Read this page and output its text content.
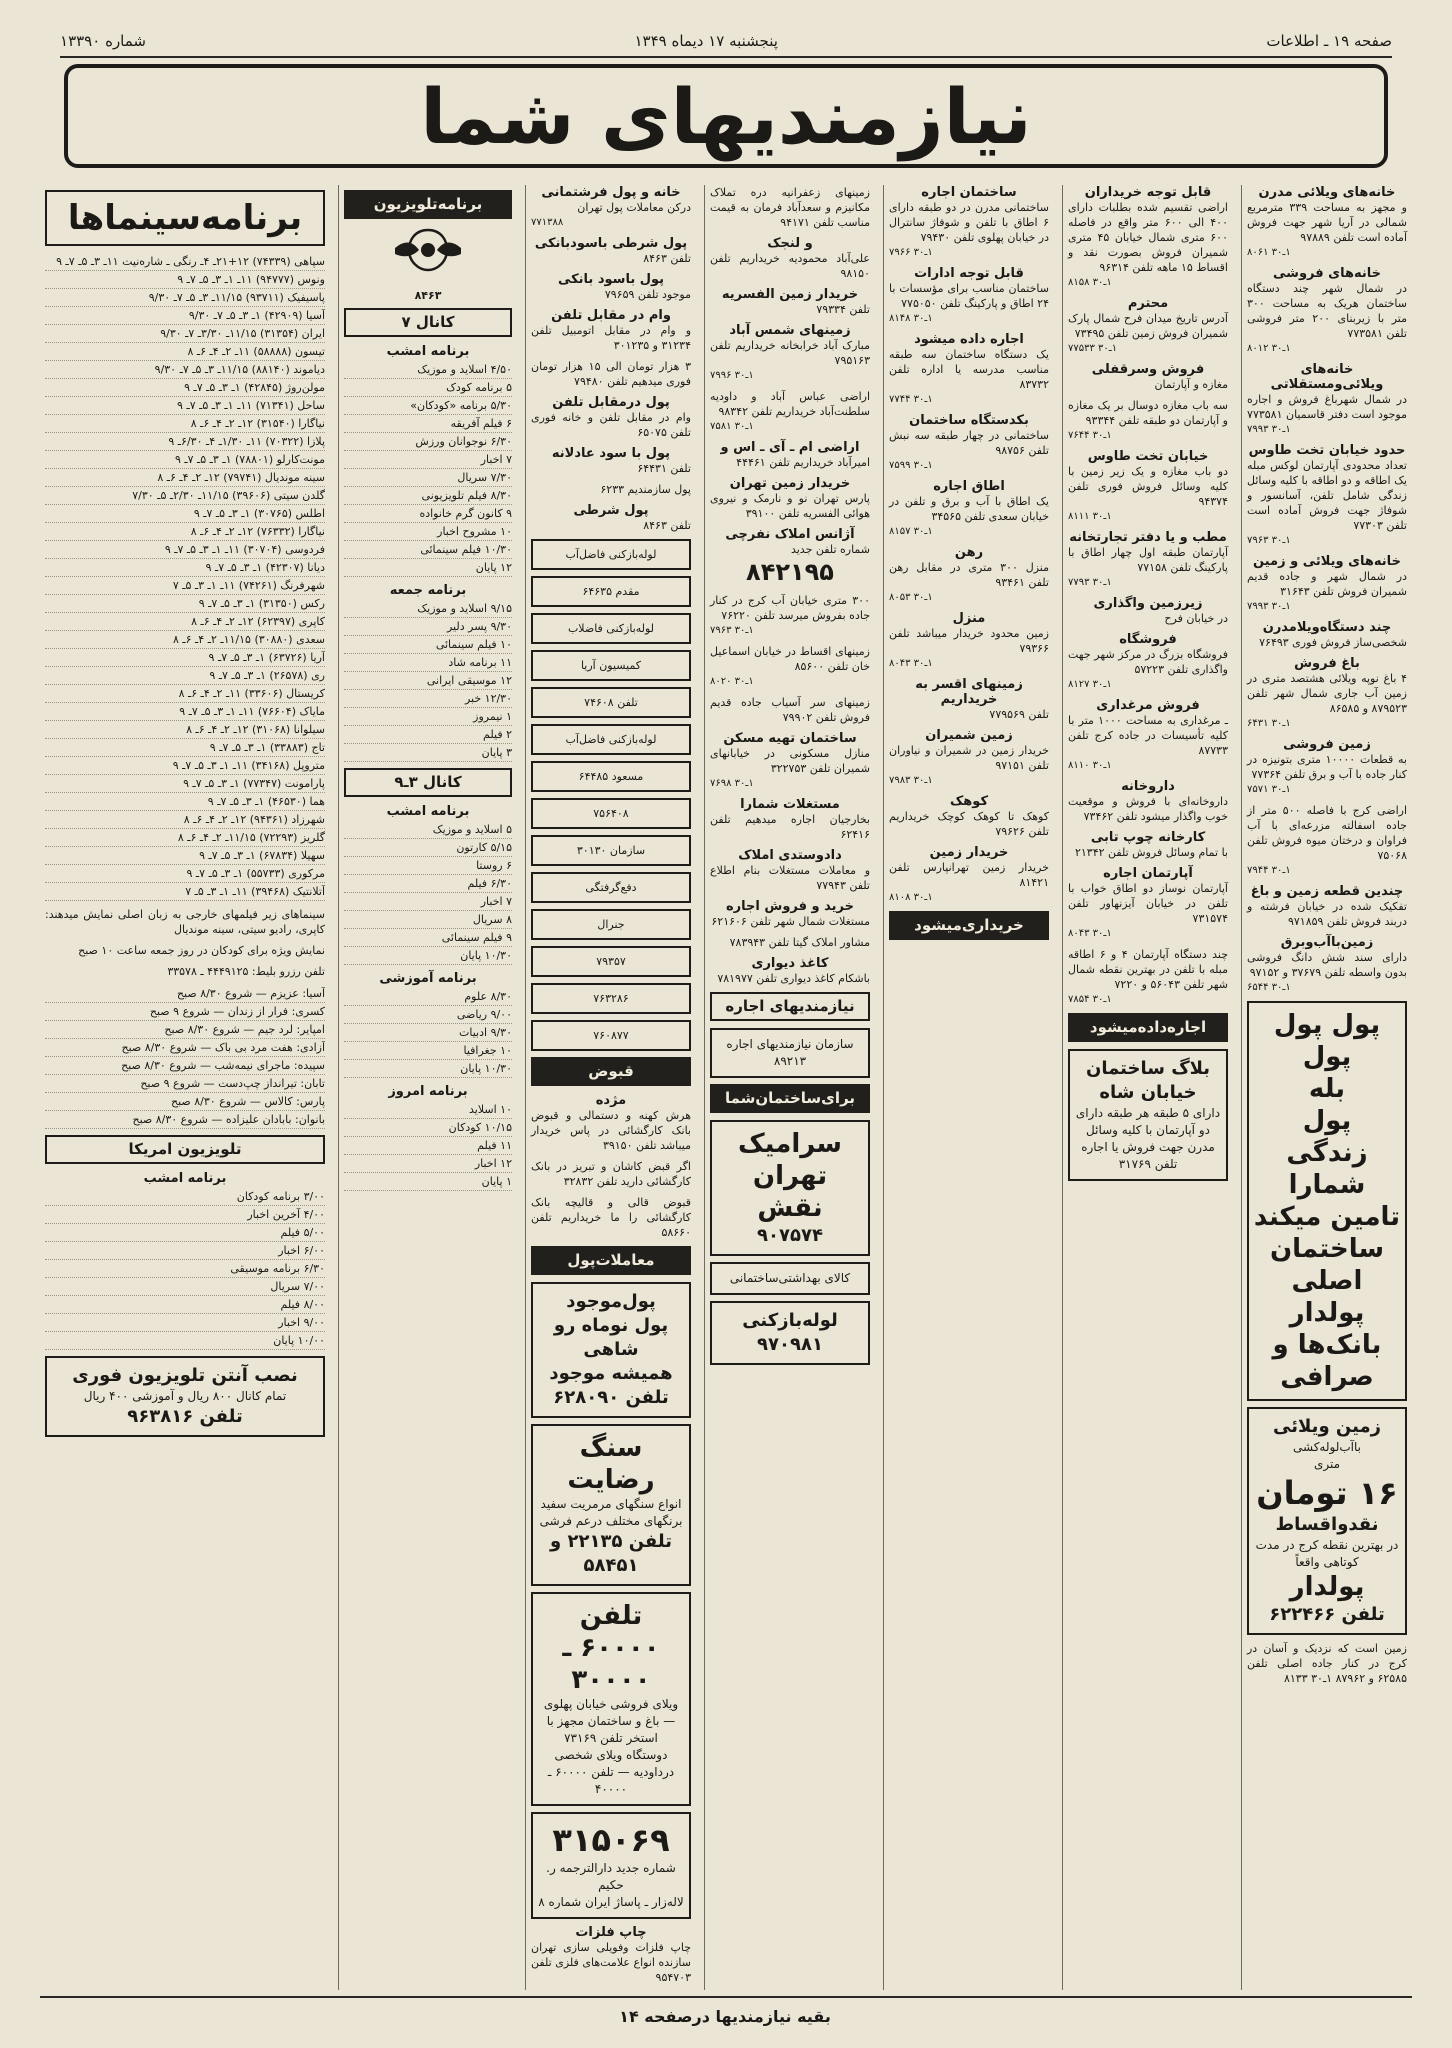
صفحه ۱۹ ـ اطلاعات
پنجشنبه ۱۷ دیماه ۱۳۴۹
شماره ۱۳۳۹۰
نیازمندیهای شما
خانه‌های ویلائی مدرن
و مجهز به مساحت ۳۳۹ مترمربع شمالی در آریا شهر جهت فروش آماده است تلفن ۹۷۸۸۹
۱ـ۳۰ ۸۰۶۱
خانه‌های فروشی
در شمال شهر چند دستگاه ساختمان هریک به مساحت ۳۰۰ متر با زیربنای ۲۰۰ متر فروشی تلفن ۷۷۳۵۸۱
۱ـ۳۰ ۸۰۱۲
خانه‌های ویلائی‌ومستقلاتی
در شمال شهرباغ فروش و اجاره موجود است دفتر قاسمیان ۷۷۳۵۸۱
۱ـ۳۰ ۷۹۹۳
حدود خیابان تخت طاوس
تعداد محدودی آپارتمان لوکس مبله یک اطاقه و دو اطاقه با کلیه وسائل زندگی شامل تلفن، آسانسور و شوفاژ جهت فروش آماده است تلفن ۷۷۳۰۳
۱ـ۳۰ ۷۹۶۳
خانه‌های ویلائی و زمین
در شمال شهر و جاده قدیم شمیران فروش تلفن ۳۱۶۴۳
۱ـ۳۰ ۷۹۹۳
چند دستگاه‌ویلامدرن
شخصی‌ساز فروش فوری ۷۶۴۹۳
باغ فروش
۴ باغ نوپه ویلائی هشتصد متری در زمین آب جاری شمال شهر تلفن ۸۷۹۵۲۳ و ۸۶۵۸۵
۱ـ۳۰ ۶۴۳۱
زمین فروشی
به قطعات ۱۰۰۰۰ متری بتونیزه در کنار جاده با آب و برق تلفن ۷۷۳۶۴
۱ـ۳۰ ۷۵۷۱
اراضی کرج با فاصله ۵۰۰ متر از جاده اسفالته مزرعه‌ای با آب فراوان و درختان میوه فروش تلفن ۷۵۰۶۸
۱ـ۳۰ ۷۹۴۴
چندین قطعه زمین و باغ
تفکیک شده در خیابان فرشته و دربند فروش تلفن ۹۷۱۸۵۹
زمین‌باآب‌وبرق
دارای سند شش دانگ فروشی بدون واسطه تلفن ۳۷۶۷۹ و ۹۷۱۵۲
۱ـ۳۰ ۶۵۴۴
پول پول
پول
بله
پول
زندگی شمارا
تامین میکند
ساختمان اصلی پولدار
بانک‌ها و صرافی
زمین ویلائی
باآب‌لوله‌کشی
متری
۱۶ تومان
نقدواقساط
در بهترین نقطه کرج در مدت کوتاهی واقعاً
پولدار
تلفن ۶۲۲۴۶۶
زمین است که نزدیک و آسان در کرج در کنار جاده اصلی تلفن ۶۲۵۸۵ و ۸۷۹۶۲ ۱ـ۳۰ ۸۱۳۳
قابل توجه خریداران
اراضی تقسیم شده بطلبات دارای ۴۰۰ الی ۶۰۰ متر واقع در فاصله ۶۰۰ متری شمال خیابان ۴۵ متری شمیران فروش بصورت نقد و اقساط ۱۵ ماهه تلفن ۹۶۳۱۴
۱ـ۳۰ ۸۱۵۸
محترم
آدرس تاریخ میدان فرح شمال پارک شمیران فروش زمین تلفن ۷۳۴۹۵
۱ـ۳۰ ۷۷۵۳۳
فروش وسرقفلی
مغازه و آپارتمان
سه باب مغازه دوسال بر یک مغازه و آپارتمان دو طبقه تلفن ۹۳۳۴۴
۱ـ۳۰ ۷۶۴۴
خیابان تخت طاوس
دو باب مغازه و یک زیر زمین با کلیه وسائل فروش فوری تلفن ۹۴۳۷۴
۱ـ۳۰ ۸۱۱۱
مطب و یا دفتر تجارتخانه
آپارتمان طبقه اول چهار اطاق با پارکینگ تلفن ۷۷۱۵۸
۱ـ۳۰ ۷۷۹۳
زیرزمین واگذاری
در خیابان فرح
فروشگاه
فروشگاه بزرگ در مرکز شهر جهت واگذاری تلفن ۵۷۲۲۳
۱ـ۳۰ ۸۱۲۷
فروش مرغداری
ـ مرغداری به مساحت ۱۰۰۰ متر با کلیه تأسیسات در جاده کرج تلفن ۸۷۷۳۳
۱ـ۳۰ ۸۱۱۰
داروخانه
داروخانه‌ای با فروش و موقعیت خوب واگذار میشود تلفن ۷۳۴۶۲
کارخانه چوپ تابی
با تمام وسائل فروش تلفن ۲۱۳۴۲
آپارتمان اجاره
آپارتمان نوساز دو اطاق خواب با تلفن در خیابان آیزنهاور تلفن ۷۳۱۵۷۴
۱ـ۳۰ ۸۰۴۳
چند دستگاه آپارتمان ۴ و ۶ اطاقه مبله با تلفن در بهترین نقطه شمال شهر تلفن ۵۶۰۴۳ و ۷۲۲۰
۱ـ۳۰ ۷۸۵۴
اجاره‌داده‌میشود
بلاگ ساختمان خیابان شاه
دارای ۵ طبقه هر طبقه دارای دو آپارتمان با کلیه وسائل مدرن جهت فروش یا اجاره تلفن ۳۱۷۶۹
ساختمان اجاره
ساختمانی مدرن در دو طبقه دارای ۶ اطاق با تلفن و شوفاژ سانترال در خیابان پهلوی تلفن ۷۹۴۳۰
۱ـ۳۰ ۷۹۶۶
قابل توجه ادارات
ساختمان مناسب برای مؤسسات با ۲۴ اطاق و پارکینگ تلفن ۷۷۵۰۵۰
۱ـ۳۰ ۸۱۴۸
اجاره داده میشود
یک دستگاه ساختمان سه طبقه مناسب مدرسه یا اداره تلفن ۸۳۷۳۲
۱ـ۳۰ ۷۷۴۴
بکدستگاه ساختمان
ساختمانی در چهار طبقه سه نبش تلفن ۹۸۷۵۶
۱ـ۳۰ ۷۵۹۹
اطاق اجاره
یک اطاق با آب و برق و تلفن در خیابان سعدی تلفن ۳۴۵۶۵
۱ـ۳۰ ۸۱۵۷
رهن
منزل ۳۰۰ متری در مقابل رهن تلفن ۹۳۴۶۱
۱ـ۳۰ ۸۰۵۳
منزل
زمین محدود خریدار میباشد تلفن ۷۹۳۶۶
۱ـ۳۰ ۸۰۴۳
زمینهای اقسر به خریداریم
تلفن ۷۷۹۵۶۹
زمین شمیران
خریدار زمین در شمیران و نیاوران تلفن ۹۷۱۵۱
۱ـ۳۰ ۷۹۸۳
کوهک
کوهک تا کوهک کوچک خریداریم تلفن ۷۹۶۲۶
خریدار زمین
خریدار زمین تهرانپارس تلفن ۸۱۴۲۱
۱ـ۳۰ ۸۱۰۸
خریداری‌میشود
زمینهای زعفرانیه دره تملاک مکانیزم و سعدآباد فرمان به قیمت مناسب تلفن ۹۴۱۷۱
و لنجک
علی‌آباد محمودیه خریداریم تلفن ۹۸۱۵۰
خریدار زمین الفسریه
تلفن ۷۹۳۳۴
زمینهای شمس آباد
مبارک آباد خرابخانه خریداریم تلفن ۷۹۵۱۶۳
۱ـ۳۰ ۷۹۹۶
اراضی عباس آباد و داودیه سلطنت‌آباد خریداریم تلفن ۹۸۳۴۲
۱ـ۳۰ ۷۵۸۱
اراضی ام ـ آی ـ اس و
امیرآباد خریداریم تلفن ۴۴۴۶۱
خریدار زمین تهران
پارس تهران نو و نارمک و نیروی هوائی الفسریه تلفن ۳۹۱۰۰
آژانس املاک نفرچی
شماره تلفن جدید
۸۴۲۱۹۵
۳۰۰ متری خیابان آب کرج در کنار جاده بفروش میرسد تلفن ۷۶۲۲۰
۱ـ۳۰ ۷۹۶۳
زمینهای اقساط در خیابان اسماعیل خان تلفن ۸۵۶۰۰
۱ـ۳۰ ۸۰۲۰
زمینهای سر آسیاب جاده قدیم فروش تلفن ۷۹۹۰۲
ساختمان تهیه مسکن
منازل مسکونی در خیابانهای شمیران تلفن ۳۲۲۷۵۳
۱ـ۳۰ ۷۶۹۸
مستغلات شمارا
بخارجیان اجاره میدهیم تلفن ۶۲۴۱۶
دادوستدی املاک
و معاملات مستغلات بنام اطلاع تلفن ۷۷۹۴۳
خرید و فروش اجاره
مستغلات شمال شهر تلفن ۶۲۱۶۰۶
مشاور املاک گیتا تلفن ۷۸۳۹۴۳
کاغذ دیواری
باشکام کاغذ دیواری تلفن ۷۸۱۹۷۷
نیازمندیهای اجاره
سازمان نیازمندیهای اجاره ۸۹۲۱۳
برای‌ساختمان‌شما
سرامیک
تهران نقش
۹۰۷۵۷۴
کالای بهداشتی‌ساختمانی
لوله‌بازکنی
۹۷۰۹۸۱
خانه و پول فرشتمانی
درکن معاملات پول تهران
۷۷۱۳۸۸
پول شرطی باسودبانکی
تلفن ۸۴۶۳
پول باسود بانکی
موجود تلفن ۷۹۶۵۹
وام در مقابل تلفن
و وام در مقابل اتومبیل تلفن ۳۱۲۳۴ و ۳۰۱۲۳۵
۳ هزار تومان الی ۱۵ هزار تومان فوری میدهیم تلفن ۷۹۴۸۰
پول درمقابل تلفن
وام در مقابل تلفن و خانه فوری تلفن ۶۵۰۷۵
پول با سود عادلانه
تلفن ۶۴۴۳۱
پول سازمندیم ۶۲۳۳
پول شرطی
تلفن ۸۴۶۳
لوله‌بازکنی فاضل‌آب
مقدم ۶۴۶۳۵
لوله‌بازکنی فاضلاب
کمیسیون آریا
تلفن ۷۴۶۰۸
لوله‌بازکنی فاضل‌آب
مسعود ۶۴۴۸۵
۷۵۶۴۰۸
سازمان ۳۰۱۳۰
دفع‌گرفتگی
جنرال
۷۹۳۵۷
۷۶۳۲۸۶
۷۶۰۸۷۷
قبوض
مژده
هرش کهنه و دستمالی و قبوض بانک کارگشائی در پاس خریدار میباشد تلفن ۳۹۱۵۰
اگر قبض کاشان و تبریز در بانک کارگشائی دارید تلفن ۳۲۸۳۲
قبوض قالی و قالیچه بانک کارگشائی را ما خریداریم تلفن ۵۸۶۶۰
معاملات‌پول
پول‌موجود
پول نوماه رو شاهی
همیشه موجود تلفن ۶۲۸۰۹۰
سنگ رضایت
انواع سنگهای مرمریت سفید
برنگهای مختلف درعم فرشی
تلفن ۲۲۱۳۵ و ۵۸۴۵۱
تلفن ۶۰۰۰۰ ـ ۳۰۰۰۰
ویلای فروشی خیابان پهلوی — باغ و ساختمان مجهز با استخر تلفن ۷۳۱۶۹
دوستگاه ویلای شخصی درداودیه — تلفن ۶۰۰۰۰ ـ ۴۰۰۰۰
۳۱۵۰۶۹
شماره جدید دارالترجمه ر. حکیم
لاله‌زار ـ پاساژ ایران شماره ۸
چاپ فلزات
چاپ فلزات وفویلی سازی تهران سازنده انواع علامت‌های فلزی تلفن ۹۵۴۷۰۳
برنامه‌تلویزیون
۸۴۶۳
کانال ۷
برنامه امشب
۴/۵۰ اسلاید و موزیک
۵ برنامه کودک
۵/۳۰ برنامه «کودکان»
۶ فیلم آفریقه
۶/۳۰ نوجوانان ورزش
۷ اخبار
۷/۳۰ سریال
۸/۳۰ فیلم تلویزیونی
۹ کانون گرم خانواده
۱۰ مشروح اخبار
۱۰/۳۰ فیلم سینمائی
۱۲ پایان
برنامه جمعه
۹/۱۵ اسلاید و موزیک
۹/۳۰ پسر دلیر
۱۰ فیلم سینمائی
۱۱ برنامه شاد
۱۲ موسیقی ایرانی
۱۲/۳۰ خبر
۱ نیمروز
۲ فیلم
۳ پایان
کانال ۳ـ۹
برنامه امشب
۵ اسلاید و موزیک
۵/۱۵ کارتون
۶ روستا
۶/۳۰ فیلم
۷ اخبار
۸ سریال
۹ فیلم سینمائی
۱۰/۳۰ پایان
برنامه آموزشی
۸/۳۰ علوم
۹/۰۰ ریاضی
۹/۳۰ ادبیات
۱۰ جغرافیا
۱۰/۳۰ پایان
برنامه امروز
۱۰ اسلاید
۱۰/۱۵ کودکان
۱۱ فیلم
۱۲ اخبار
۱ پایان
برنامه‌سینماها
سپاهی (۷۴۳۳۹) ۱۲+۲۱ـ ۴ـ رنگی ـ شاره‌نیت ۱۱ـ ۳ـ ۵ـ ۷ـ ۹
ونوس (۹۴۷۷۷) ۱۱ـ ۱ـ ۳ـ ۵ـ ۷ـ ۹
پاسیفیک (۹۳۷۱۱) ۱۱/۱۵ـ ۳ـ ۵ـ ۷ـ ۹/۳۰
آسیا (۴۲۹۰۹) ۱ـ ۳ـ ۵ـ ۷ـ ۹/۳۰
ایران (۳۱۳۵۴) ۱۱/۱۵ـ ۳/۳۰ـ ۷ـ ۹/۳۰
تیسون (۵۸۸۸۸) ۱۱ـ ۲ـ ۴ـ ۶ـ ۸
دیاموند (۸۸۱۴۰) ۱۱/۱۵ـ ۳ـ ۵ـ ۷ـ ۹/۳۰
مولن‌روژ (۴۲۸۴۵) ۱ـ ۳ـ ۵ـ ۷ـ ۹
ساحل (۷۱۳۴۱) ۱۱ـ ۱ـ ۳ـ ۵ـ ۷ـ ۹
نیاگارا (۳۱۵۴۰) ۱۲ـ ۲ـ ۴ـ ۶ـ ۸
پلازا (۷۰۳۲۲) ۱۱ـ ۱/۳۰ـ ۴ـ ۶/۳۰ـ ۹
مونت‌کارلو (۷۸۸۰۱) ۱ـ ۳ـ ۵ـ ۷ـ ۹
سینه موندیال (۷۹۷۴۱) ۱۲ـ ۲ـ ۴ـ ۶ـ ۸
گلدن سیتی (۳۹۶۰۶) ۱۱/۱۵ـ ۲/۳۰ـ ۵ـ ۷/۳۰
اطلس (۳۰۷۶۵) ۱ـ ۳ـ ۵ـ ۷ـ ۹
نیاگارا (۷۶۳۳۲) ۱۲ـ ۲ـ ۴ـ ۶ـ ۸
فردوسی (۳۰۷۰۴) ۱۱ـ ۱ـ ۳ـ ۵ـ ۷ـ ۹
دیانا (۴۲۳۰۷) ۱ـ ۳ـ ۵ـ ۷ـ ۹
شهرفرنگ (۷۴۲۶۱) ۱۱ـ ۱ـ ۳ـ ۵ـ ۷
رکس (۳۱۳۵۰) ۱ـ ۳ـ ۵ـ ۷ـ ۹
کاپری (۶۲۳۹۷) ۱۲ـ ۲ـ ۴ـ ۶ـ ۸
سعدی (۳۰۸۸۰) ۱۱/۱۵ـ ۲ـ ۴ـ ۶ـ ۸
آریا (۶۳۷۲۶) ۱ـ ۳ـ ۵ـ ۷ـ ۹
ری (۲۶۵۷۸) ۱ـ ۳ـ ۵ـ ۷ـ ۹
کریستال (۳۳۶۰۶) ۱۱ـ ۲ـ ۴ـ ۶ـ ۸
مایاک (۷۶۶۰۴) ۱۱ـ ۱ـ ۳ـ ۵ـ ۷ـ ۹
سیلوانا (۳۱۰۶۸) ۱۲ـ ۲ـ ۴ـ ۶ـ ۸
تاج (۳۳۸۸۳) ۱ـ ۳ـ ۵ـ ۷ـ ۹
متروپل (۳۴۱۶۸) ۱۱ـ ۱ـ ۳ـ ۵ـ ۷ـ ۹
پارامونت (۷۷۳۴۷) ۱ـ ۳ـ ۵ـ ۷ـ ۹
هما (۴۶۵۳۰) ۱ـ ۳ـ ۵ـ ۷ـ ۹
شهرزاد (۹۴۳۶۱) ۱۲ـ ۲ـ ۴ـ ۶ـ ۸
گلریز (۷۲۲۹۳) ۱۱/۱۵ـ ۲ـ ۴ـ ۶ـ ۸
سهیلا (۶۷۸۳۴) ۱ـ ۳ـ ۵ـ ۷ـ ۹
مرکوری (۵۵۷۳۳) ۱ـ ۳ـ ۵ـ ۷ـ ۹
آتلانتیک (۳۹۴۶۸) ۱۱ـ ۱ـ ۳ـ ۵ـ ۷
سینماهای زیر فیلمهای خارجی به زبان اصلی نمایش میدهند: کاپری، رادیو سیتی، سینه موندیال
نمایش ویژه برای کودکان در روز جمعه ساعت ۱۰ صبح
تلفن رزرو بلیط: ۴۴۴۹۱۲۵ ـ ۳۳۵۷۸
آسیا: عزیزم — شروع ۸/۳۰ صبح
کسری: فرار از زندان — شروع ۹ صبح
امپایر: لرد جیم — شروع ۸/۳۰ صبح
آزادی: هفت مرد بی باک — شروع ۸/۳۰ صبح
سپیده: ماجرای نیمه‌شب — شروع ۸/۳۰ صبح
تابان: تیرانداز چپ‌دست — شروع ۹ صبح
پارس: کالاس — شروع ۸/۳۰ صبح
بانوان: بابادان علیزاده — شروع ۸/۳۰ صبح
تلویزیون امریکا
برنامه امشب
۳/۰۰ برنامه کودکان
۴/۰۰ آخرین اخبار
۵/۰۰ فیلم
۶/۰۰ اخبار
۶/۳۰ برنامه موسیقی
۷/۰۰ سریال
۸/۰۰ فیلم
۹/۰۰ اخبار
۱۰/۰۰ پایان
نصب آنتن تلویزیون فوری
تمام کانال ۸۰۰ ریال و آموزشی ۴۰۰ ریال
تلفن ۹۶۳۸۱۶
بقیه نیازمندیها درصفحه ۱۴
